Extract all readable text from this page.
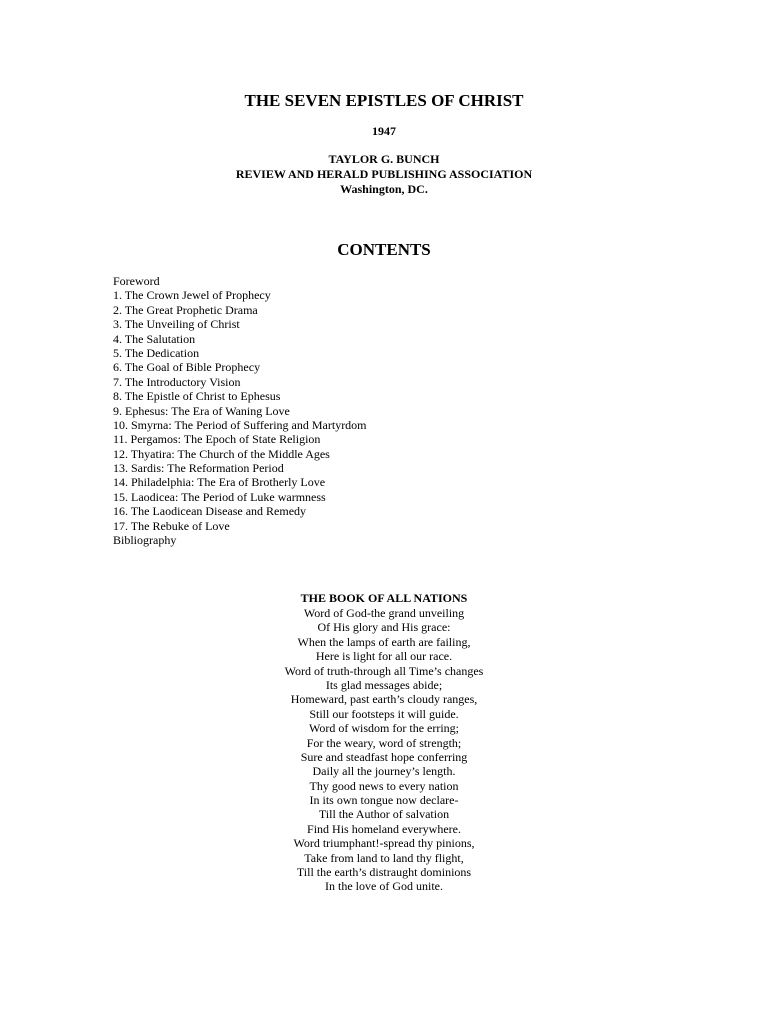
THE SEVEN EPISTLES OF CHRIST
1947
TAYLOR G. BUNCH
REVIEW AND HERALD PUBLISHING ASSOCIATION
Washington, DC.
CONTENTS
Foreword
1. The Crown Jewel of Prophecy
2. The Great Prophetic Drama
3. The Unveiling of Christ
4. The Salutation
5. The Dedication
6. The Goal of Bible Prophecy
7. The Introductory Vision
8. The Epistle of Christ to Ephesus
9. Ephesus: The Era of Waning Love
10. Smyrna: The Period of Suffering and Martyrdom
11. Pergamos: The Epoch of State Religion
12. Thyatira: The Church of the Middle Ages
13. Sardis: The Reformation Period
14. Philadelphia: The Era of Brotherly Love
15. Laodicea: The Period of Luke warmness
16. The Laodicean Disease and Remedy
17. The Rebuke of Love
Bibliography
THE BOOK OF ALL NATIONS
Word of God-the grand unveiling
Of His glory and His grace:
When the lamps of earth are failing,
Here is light for all our race.
Word of truth-through all Time’s changes
Its glad messages abide;
Homeward, past earth’s cloudy ranges,
Still our footsteps it will guide.
Word of wisdom for the erring;
For the weary, word of strength;
Sure and steadfast hope conferring
Daily all the journey’s length.
Thy good news to every nation
In its own tongue now declare-
Till the Author of salvation
Find His homeland everywhere.
Word triumphant!-spread thy pinions,
Take from land to land thy flight,
Till the earth’s distraught dominions
In the love of God unite.
